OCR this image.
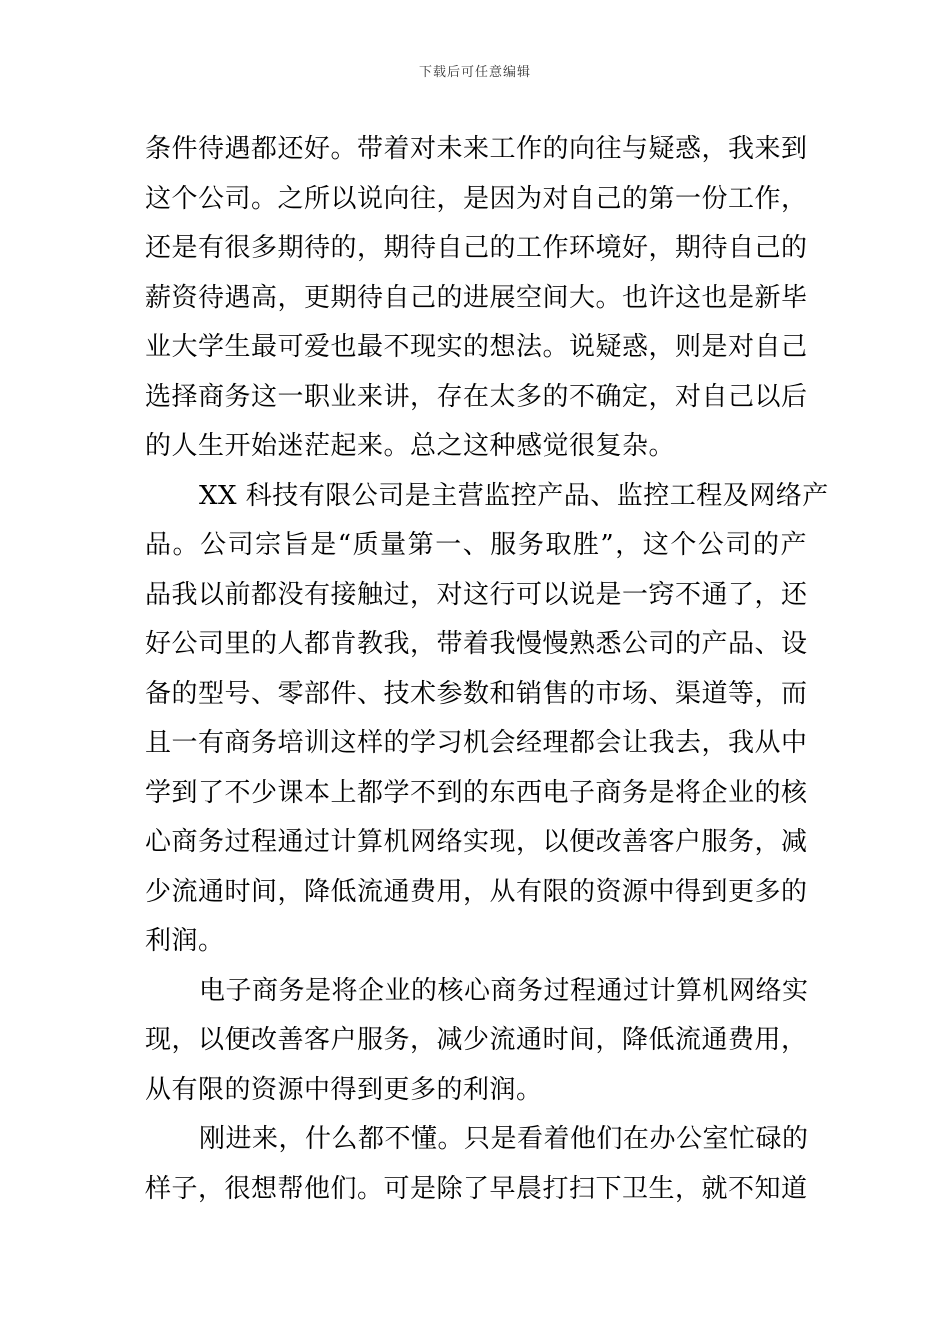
下载后可任意编辑
条件待遇都还好。带着对未来工作的向往与疑惑，我来到
这个公司。之所以说向往，是因为对自己的第一份工作，
还是有很多期待的，期待自己的工作环境好，期待自己的
薪资待遇高，更期待自己的进展空间大。也许这也是新毕
业大学生最可爱也最不现实的想法。说疑惑，则是对自己
选择商务这一职业来讲，存在太多的不确定，对自己以后
的人生开始迷茫起来。总之这种感觉很复杂。
XX 科技有限公司是主营监控产品、监控工程及网络产
品。公司宗旨是“质量第一、服务取胜”，这个公司的产
品我以前都没有接触过，对这行可以说是一窍不通了，还
好公司里的人都肯教我，带着我慢慢熟悉公司的产品、设
备的型号、零部件、技术参数和销售的市场、渠道等，而
且一有商务培训这样的学习机会经理都会让我去，我从中
学到了不少课本上都学不到的东西电子商务是将企业的核
心商务过程通过计算机网络实现，以便改善客户服务，减
少流通时间，降低流通费用，从有限的资源中得到更多的
利润。
电子商务是将企业的核心商务过程通过计算机网络实
现，以便改善客户服务，减少流通时间，降低流通费用，
从有限的资源中得到更多的利润。
刚进来，什么都不懂。只是看着他们在办公室忙碌的
样子，很想帮他们。可是除了早晨打扫下卫生，就不知道
